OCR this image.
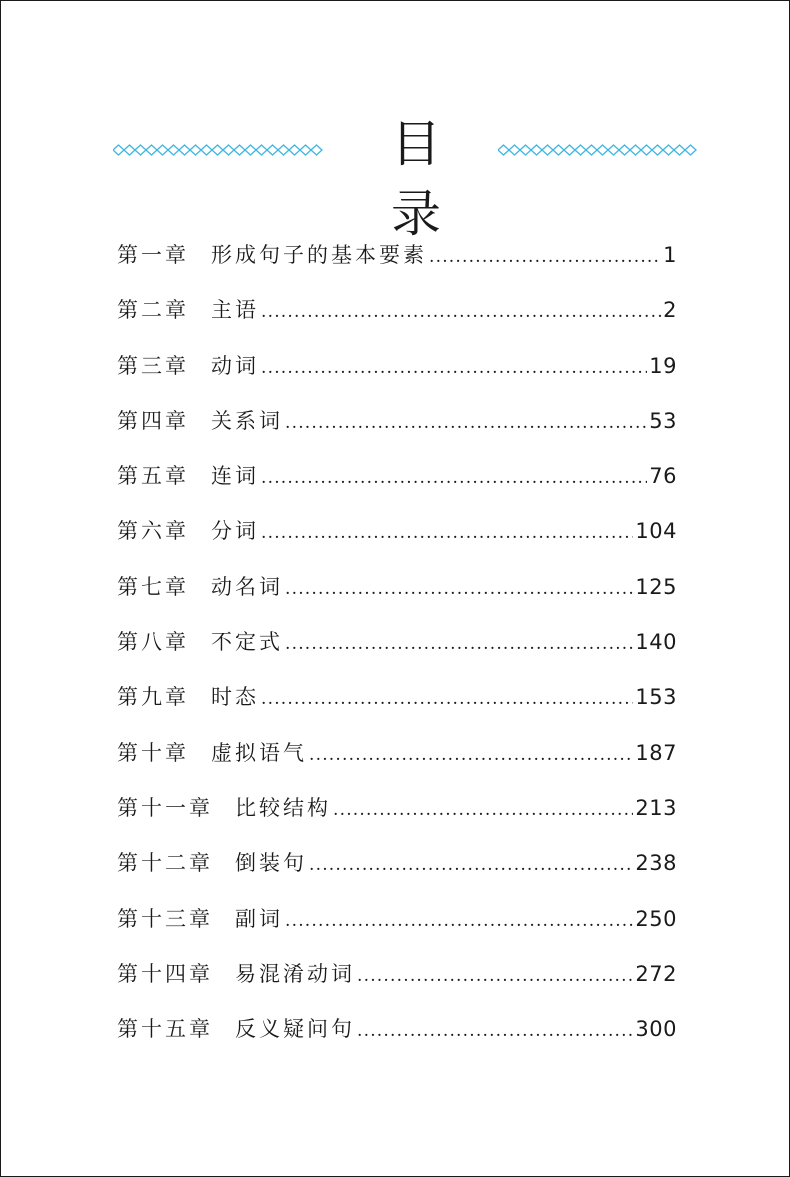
目录
第一章 形成句子的基本要素 .....	1
第二章 主语 .....	2
第三章 动词 .....	19
第四章 关系词 .....	53
第五章 连词 .....	76
第六章 分词 .....	104
第七章 动名词 .....	125
第八章 不定式 .....	140
第九章 时态 .....	153
第十章 虚拟语气 .....	187
第十一章 比较结构 .....	213
第十二章 倒装句 .....	238
第十三章 副词 .....	250
第十四章 易混淆动词 .....	272
第十五章 反义疑问句 .....	300
